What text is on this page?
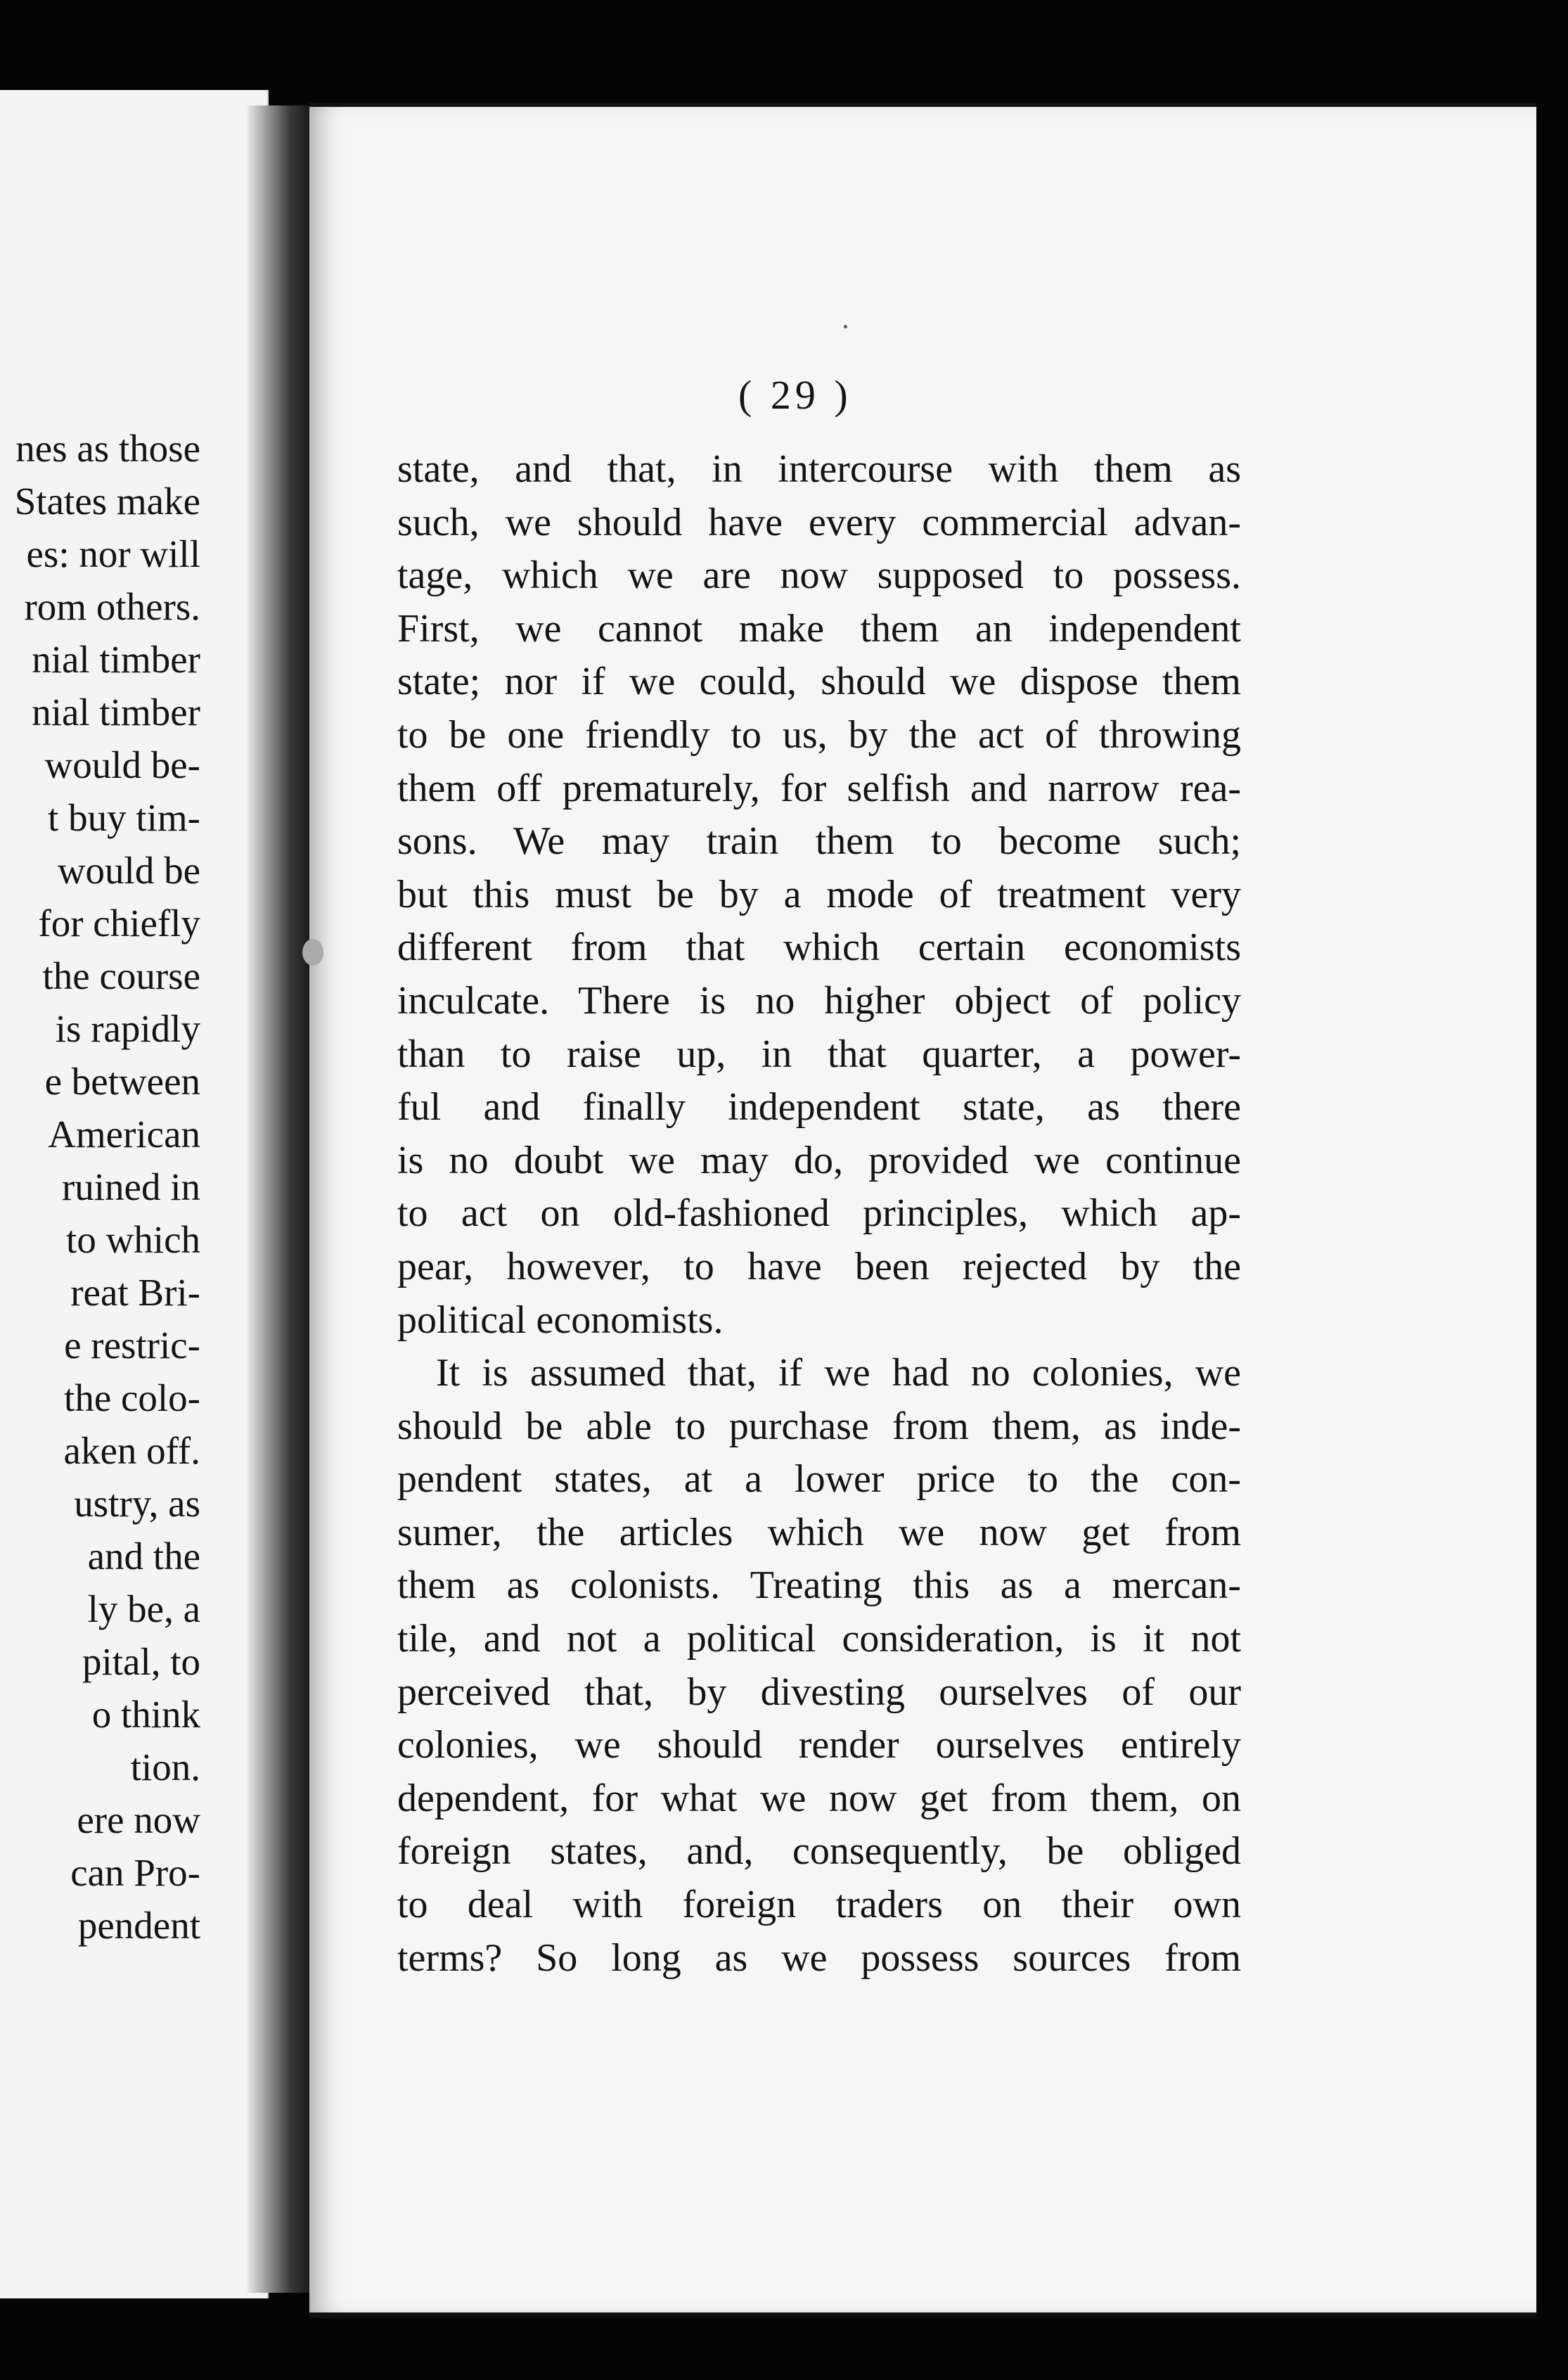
nes as those
States make
es: nor will
rom others.
nial timber
nial timber
would be-
t buy tim-
would be
for chiefly
the course
is rapidly
e between
American
ruined in
to which
reat Bri-
e restric-
the colo-
aken off.
ustry, as
and the
ly be, a
pital, to
o think
tion.
ere now
can Pro-
pendent
( 29 )
state, and that, in intercourse with them as
such, we should have every commercial advan-
tage, which we are now supposed to possess.
First, we cannot make them an independent
state; nor if we could, should we dispose them
to be one friendly to us, by the act of throwing
them off prematurely, for selfish and narrow rea-
sons. We may train them to become such;
but this must be by a mode of treatment very
different from that which certain economists
inculcate. There is no higher object of policy
than to raise up, in that quarter, a power-
ful and finally independent state, as there
is no doubt we may do, provided we continue
to act on old-fashioned principles, which ap-
pear, however, to have been rejected by the
political economists.
It is assumed that, if we had no colonies, we
should be able to purchase from them, as inde-
pendent states, at a lower price to the con-
sumer, the articles which we now get from
them as colonists. Treating this as a mercan-
tile, and not a political consideration, is it not
perceived that, by divesting ourselves of our
colonies, we should render ourselves entirely
dependent, for what we now get from them, on
foreign states, and, consequently, be obliged
to deal with foreign traders on their own
terms? So long as we possess sources from
